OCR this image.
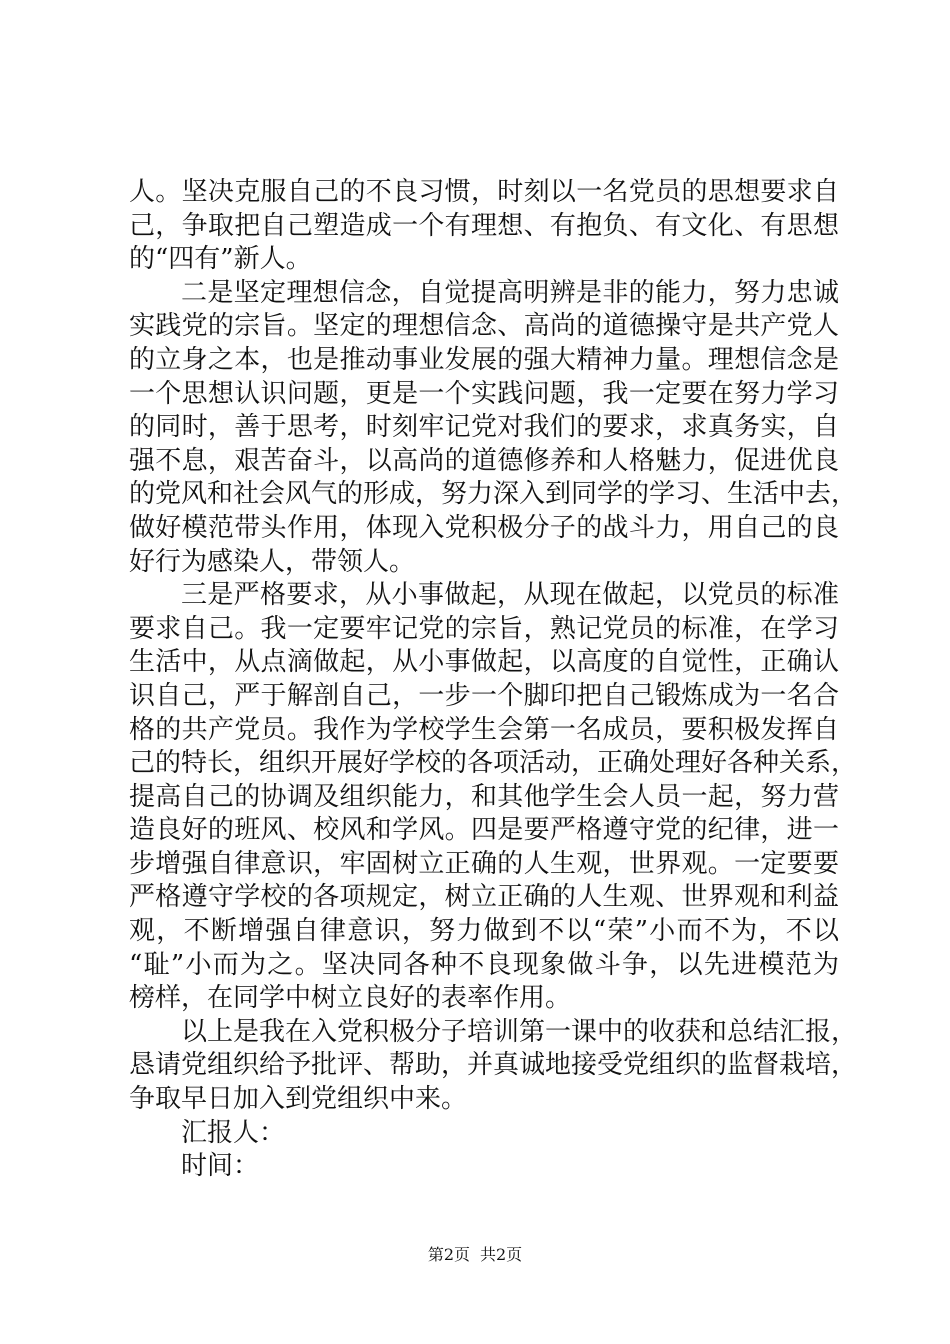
人。坚决克服自己的不良习惯，时刻以一名党员的思想要求自
己，争取把自己塑造成一个有理想、有抱负、有文化、有思想
的“四有”新人。
二是坚定理想信念，自觉提高明辨是非的能力，努力忠诚
实践党的宗旨。坚定的理想信念、高尚的道德操守是共产党人
的立身之本，也是推动事业发展的强大精神力量。理想信念是
一个思想认识问题，更是一个实践问题，我一定要在努力学习
的同时，善于思考，时刻牢记党对我们的要求，求真务实，自
强不息，艰苦奋斗，以高尚的道德修养和人格魅力，促进优良
的党风和社会风气的形成，努力深入到同学的学习、生活中去，
做好模范带头作用，体现入党积极分子的战斗力，用自己的良
好行为感染人，带领人。
三是严格要求，从小事做起，从现在做起，以党员的标准
要求自己。我一定要牢记党的宗旨，熟记党员的标准，在学习
生活中，从点滴做起，从小事做起，以高度的自觉性，正确认
识自己，严于解剖自己，一步一个脚印把自己锻炼成为一名合
格的共产党员。我作为学校学生会第一名成员，要积极发挥自
己的特长，组织开展好学校的各项活动，正确处理好各种关系，
提高自己的协调及组织能力，和其他学生会人员一起，努力营
造良好的班风、校风和学风。四是要严格遵守党的纪律，进一
步增强自律意识，牢固树立正确的人生观，世界观。一定要要
严格遵守学校的各项规定，树立正确的人生观、世界观和利益
观，不断增强自律意识，努力做到不以“荣”小而不为，不以
“耻”小而为之。坚决同各种不良现象做斗争，以先进模范为
榜样，在同学中树立良好的表率作用。
以上是我在入党积极分子培训第一课中的收获和总结汇报，
恳请党组织给予批评、帮助，并真诚地接受党组织的监督栽培，
争取早日加入到党组织中来。
汇报人：
时间：
第2页 共2页
